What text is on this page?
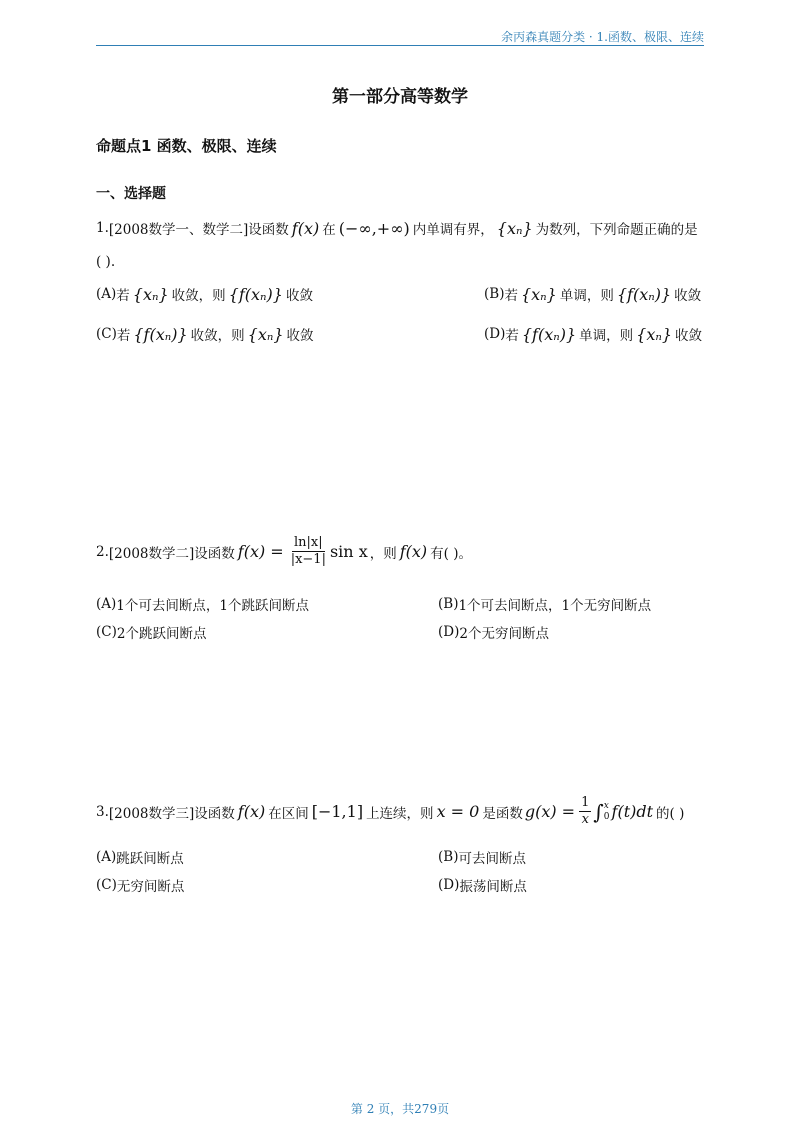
余丙森真题分类 · 1.函数、极限、连续
第一部分高等数学
命题点1 函数、极限、连续
一、选择题
1. [2008数学一、数学二] 设函数 f(x) 在 (−∞,+∞) 内单调有界， {xₙ} 为数列，下列命题正确的是
( ).
(A) 若 {xₙ} 收敛，则 {f(xₙ)} 收敛	(B) 若 {xₙ} 单调，则 {f(xₙ)} 收敛
(C) 若 {f(xₙ)} 收敛，则 {xₙ} 收敛	(D) 若 {f(xₙ)} 单调，则 {xₙ} 收敛
2. [2008数学二] 设函数 $f(x) = \frac{\ln|x|}{|x-1|}$ sin x ，则 f(x) 有( )。
(A) 1个可去间断点，1个跳跃间断点	(B) 1个可去间断点，1个无穷间断点
(C) 2个跳跃间断点	(D) 2个无穷间断点
3. [2008数学三] 设函数 f(x) 在区间 [−1,1] 上连续，则 x = 0 是函数 $g(x) = \frac{1}{x}$ ∫ x
0 f(t)dt 的( )
(A) 跳跃间断点	(B) 可去间断点
(C) 无穷间断点	(D) 振荡间断点
第 2 页，共279页
